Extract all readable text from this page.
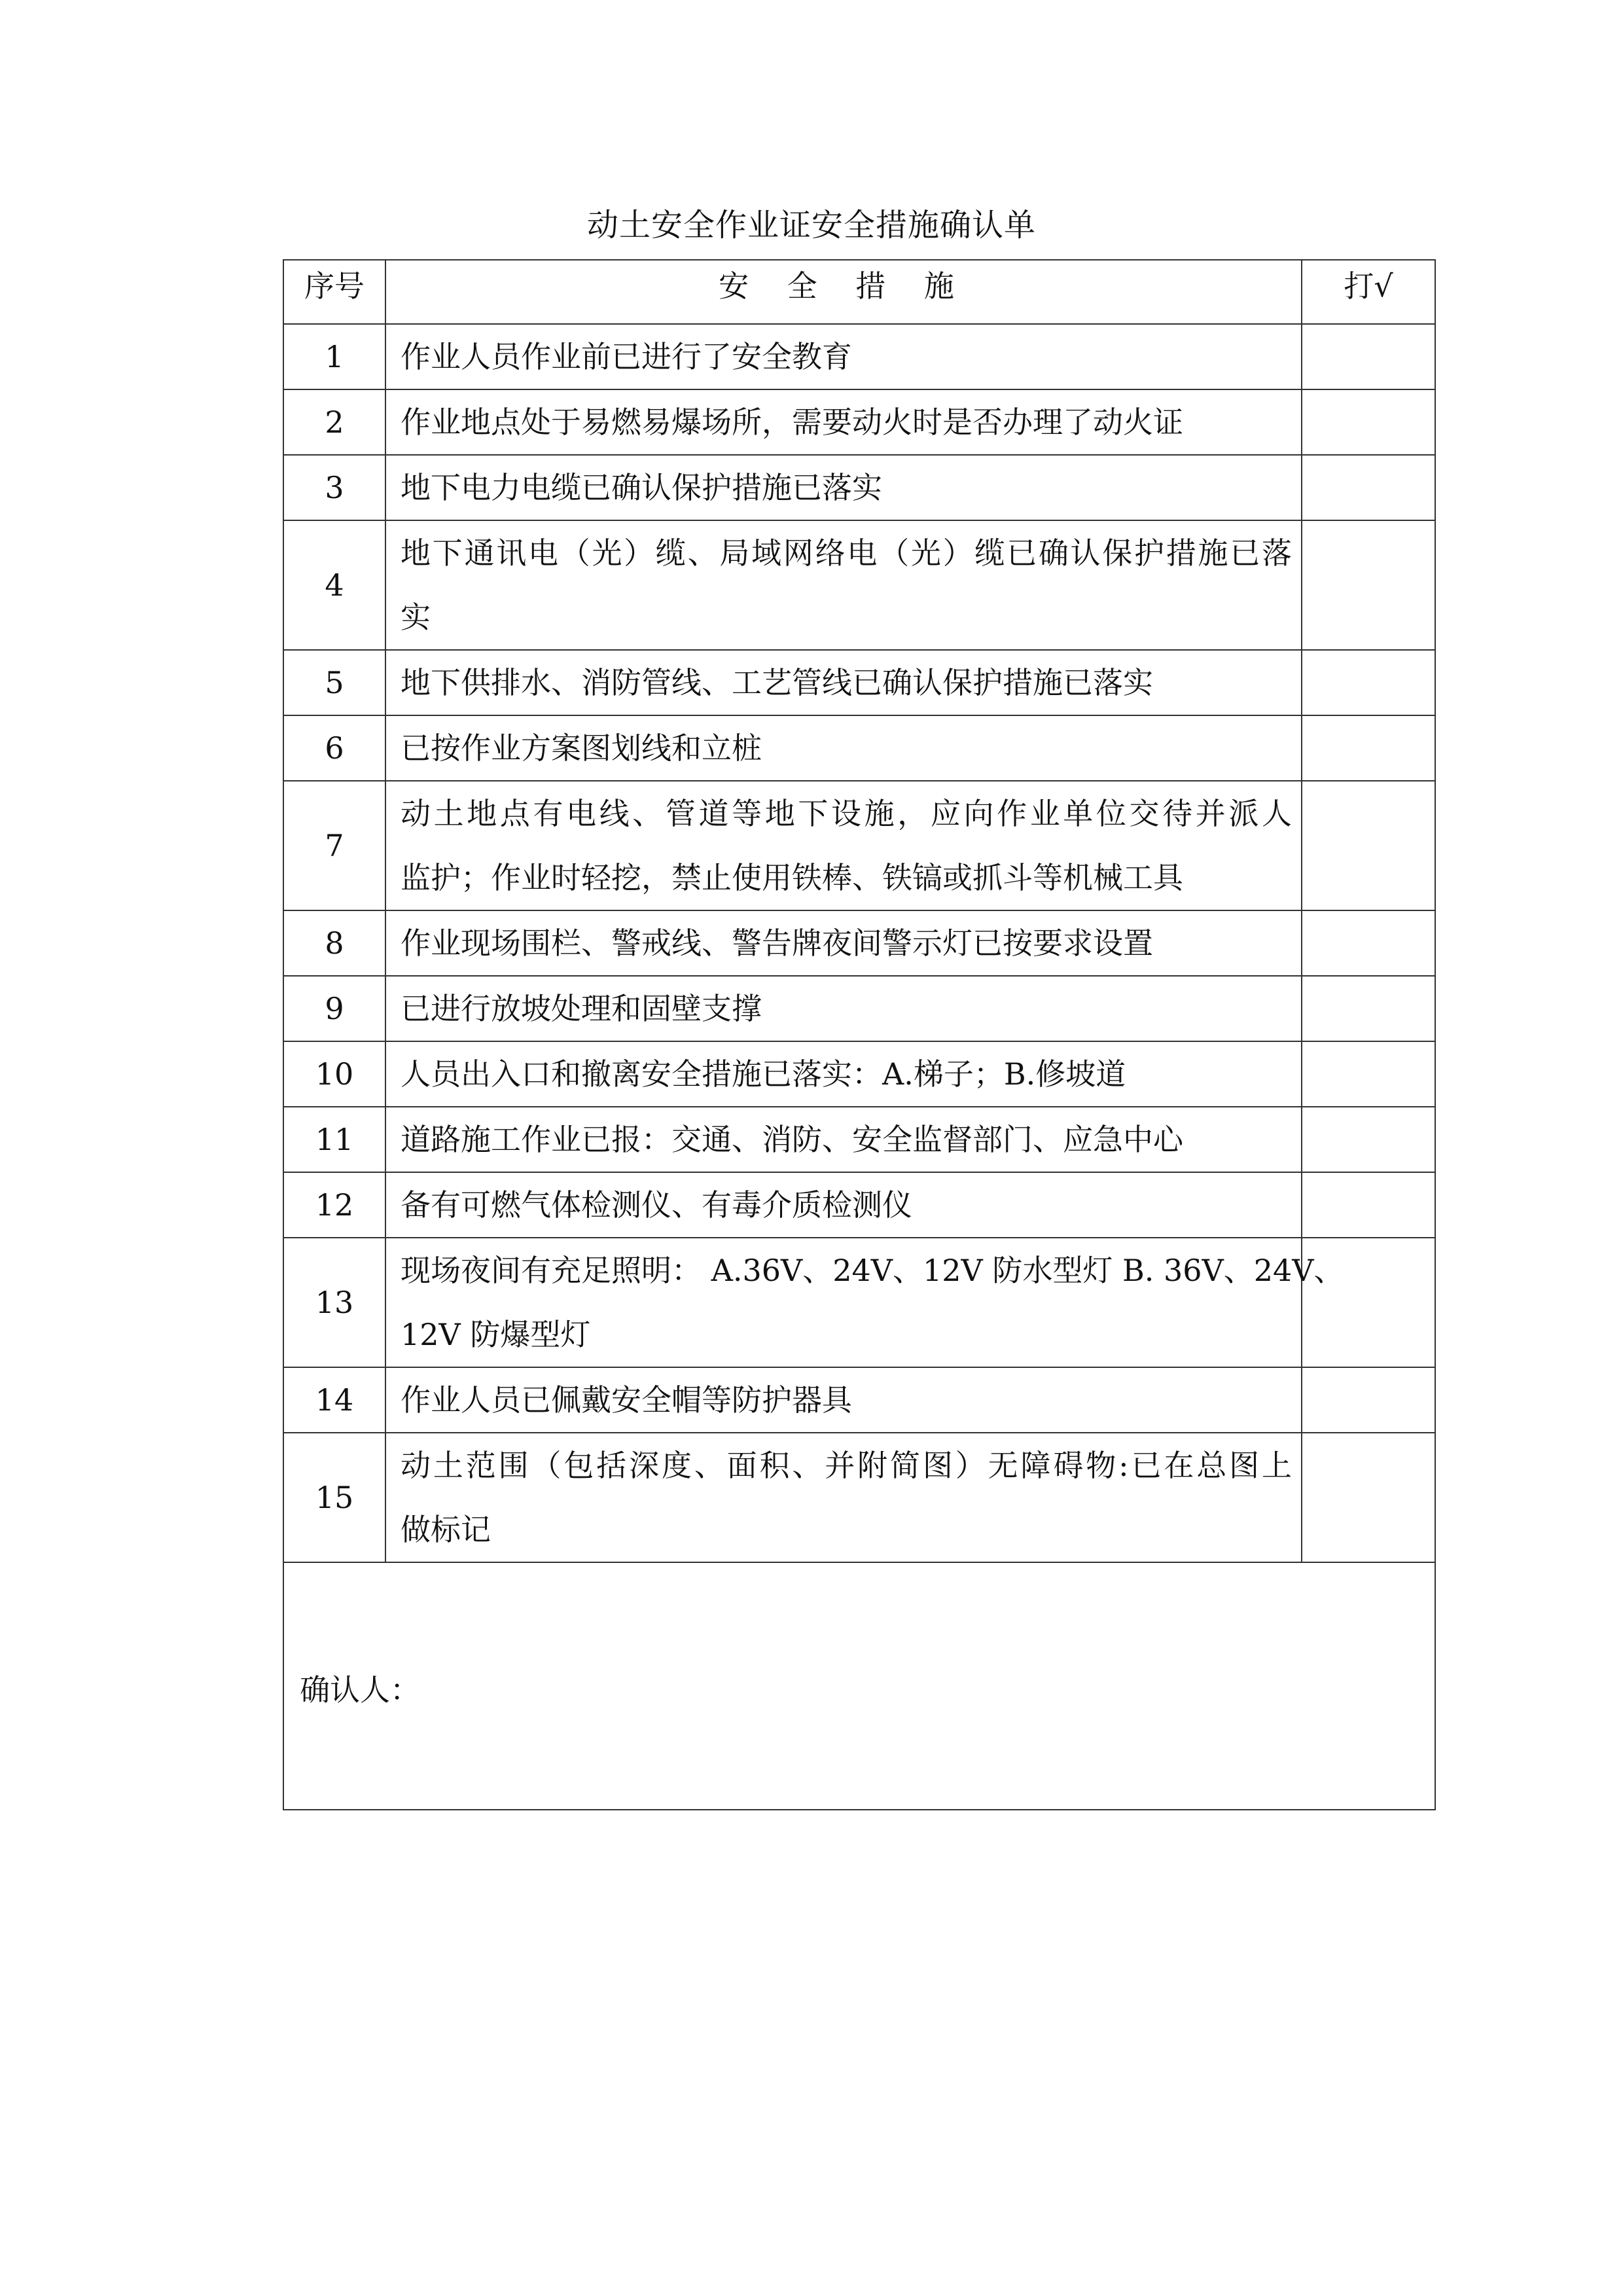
动土安全作业证安全措施确认单
序号	安 全 措 施	打√
1	作业人员作业前已进行了安全教育	

2	作业地点处于易燃易爆场所，需要动火时是否办理了动火证	

3	地下电力电缆已确认保护措施已落实	

4	地下通讯电（光）缆、局域网络电（光）缆已确认保护措施已落
实	

5	地下供排水、消防管线、工艺管线已确认保护措施已落实	

6	已按作业方案图划线和立桩	

7	动土地点有电线、管道等地下设施，应向作业单位交待并派人
监护；作业时轻挖，禁止使用铁棒、铁镐或抓斗等机械工具	

8	作业现场围栏、警戒线、警告牌夜间警示灯已按要求设置	

9	已进行放坡处理和固壁支撑	

10	人员出入口和撤离安全措施已落实：A.梯子；B.修坡道	

11	道路施工作业已报：交通、消防、安全监督部门、应急中心	

12	备有可燃气体检测仪、有毒介质检测仪	

13	现场夜间有充足照明： A.36V、24V、12V 防水型灯 B. 36V、24V、
12V 防爆型灯	

14	作业人员已佩戴安全帽等防护器具	

15	动土范围（包括深度、面积、并附简图）无障碍物:已在总图上
做标记	

确认人：		
